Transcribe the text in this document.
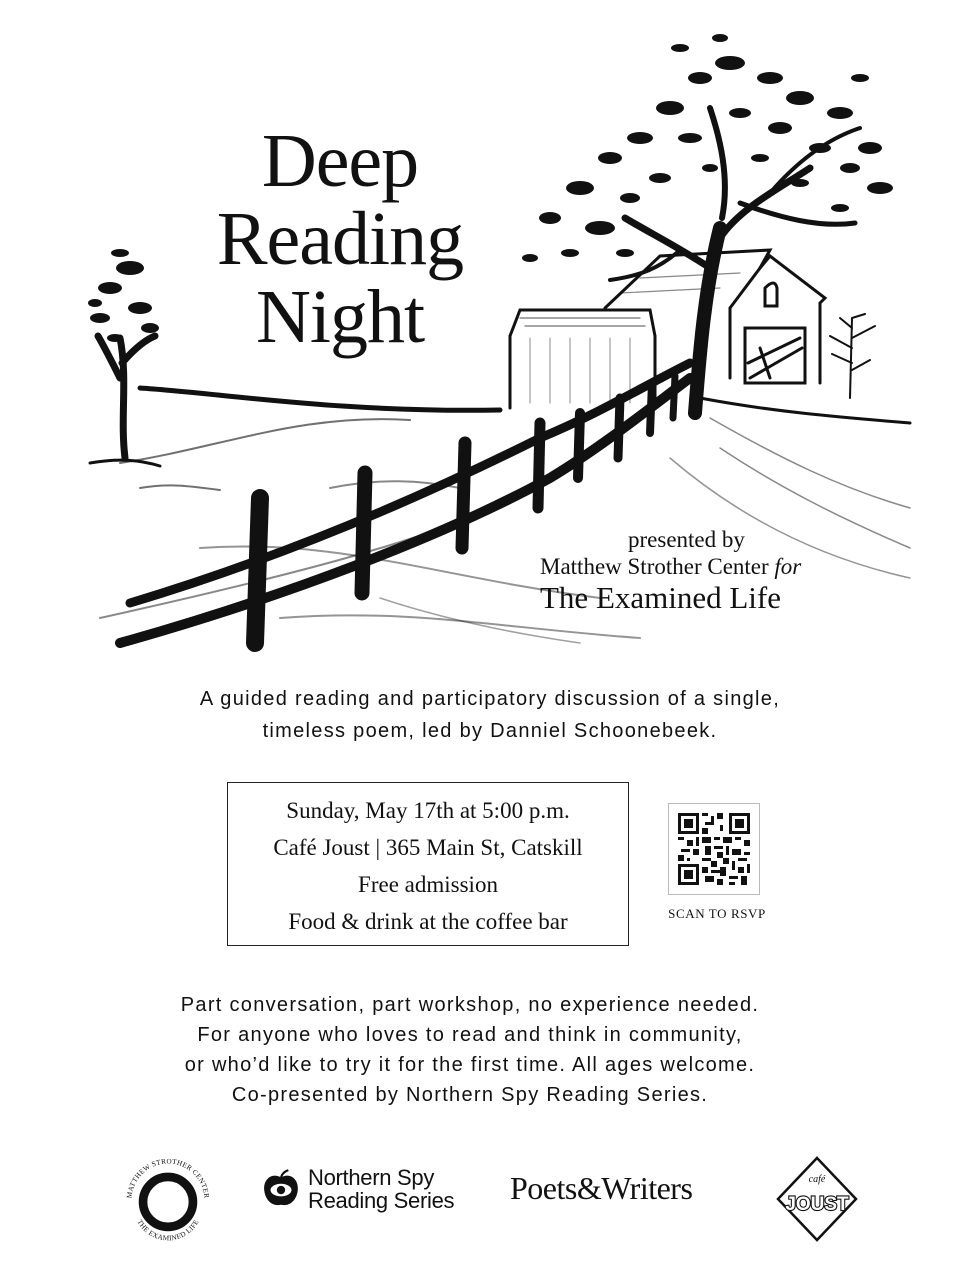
Deep
Reading
Night
presented by
Matthew Strother Center for
The Examined Life
A guided reading and participatory discussion of a single,
timeless poem, led by Danniel Schoonebeek.
Sunday, May 17th at 5:00 p.m.
Café Joust | 365 Main St, Catskill
Free admission
Food & drink at the coffee bar	SCAN TO RSVP
Part conversation, part workshop, no experience needed.
For anyone who loves to read and think in community,
or who’d like to try it for the first time. All ages welcome.
Co-presented by Northern Spy Reading Series.
MATTHEW STROTHER CENTER
THE EXAMINED LIFE
Northern Spy
Reading Series Poets&Writers	café
JOUST
